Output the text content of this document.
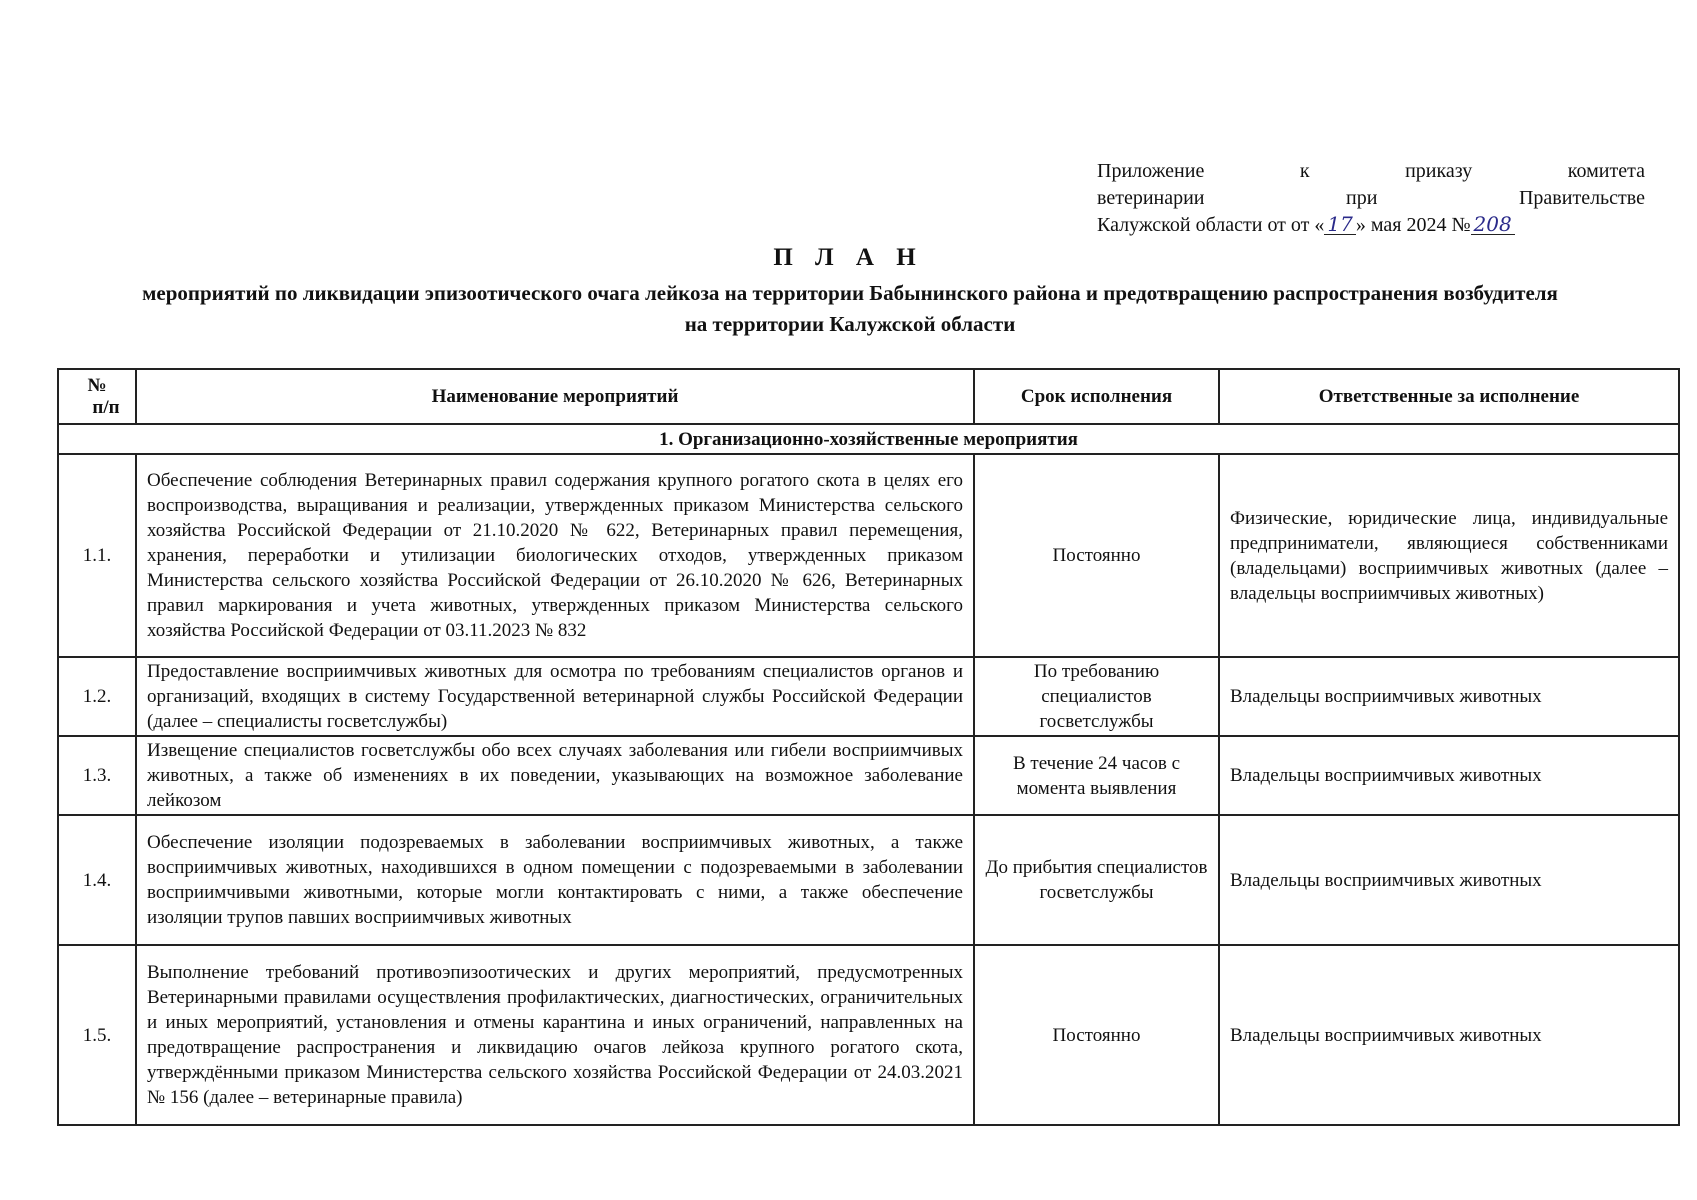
Приложение	к	приказу	комитета
ветеринарии	при	Правительстве
Калужской области от от « 17 » мая 2024 № 208
П Л А Н
мероприятий по ликвидации эпизоотического очага лейкоза на территории Бабынинского района и предотвращению распространения возбудителя на территории Калужской области
№
п/п	Наименование мероприятий	Срок исполнения	Ответственные за исполнение
1. Организационно-хозяйственные мероприятия			
1.1.	Обеспечение соблюдения Ветеринарных правил содержания крупного рогатого скота в целях его воспроизводства, выращивания и реализации, утвержденных приказом Министерства сельского хозяйства Российской Федерации от 21.10.2020 № 622, Ветеринарных правил перемещения, хранения, переработки и утилизации биологических отходов, утвержденных приказом Министерства сельского хозяйства Российской Федерации от 26.10.2020 № 626, Ветеринарных правил маркирования и учета животных, утвержденных приказом Министерства сельского хозяйства Российской Федерации от 03.11.2023 № 832	Постоянно	Физические, юридические лица, индивидуальные предприниматели, являющиеся собственниками (владельцами) восприимчивых животных (далее – владельцы восприимчивых животных)
1.2.	Предоставление восприимчивых животных для осмотра по требованиям специалистов органов и организаций, входящих в систему Государственной ветеринарной службы Российской Федерации (далее – специалисты госветслужбы)	По требованию специалистов госветслужбы	Владельцы восприимчивых животных
1.3.	Извещение специалистов госветслужбы обо всех случаях заболевания или гибели восприимчивых животных, а также об изменениях в их поведении, указывающих на возможное заболевание лейкозом	В течение 24 часов с момента выявления	Владельцы восприимчивых животных
1.4.	Обеспечение изоляции подозреваемых в заболевании восприимчивых животных, а также восприимчивых животных, находившихся в одном помещении с подозреваемыми в заболевании восприимчивыми животными, которые могли контактировать с ними, а также обеспечение изоляции трупов павших восприимчивых животных	До прибытия специалистов госветслужбы	Владельцы восприимчивых животных
1.5.	Выполнение требований противоэпизоотических и других мероприятий, предусмотренных Ветеринарными правилами осуществления профилактических, диагностических, ограничительных и иных мероприятий, установления и отмены карантина и иных ограничений, направленных на предотвращение распространения и ликвидацию очагов лейкоза крупного рогатого скота, утверждёнными приказом Министерства сельского хозяйства Российской Федерации от 24.03.2021 № 156 (далее – ветеринарные правила)	Постоянно	Владельцы восприимчивых животных
